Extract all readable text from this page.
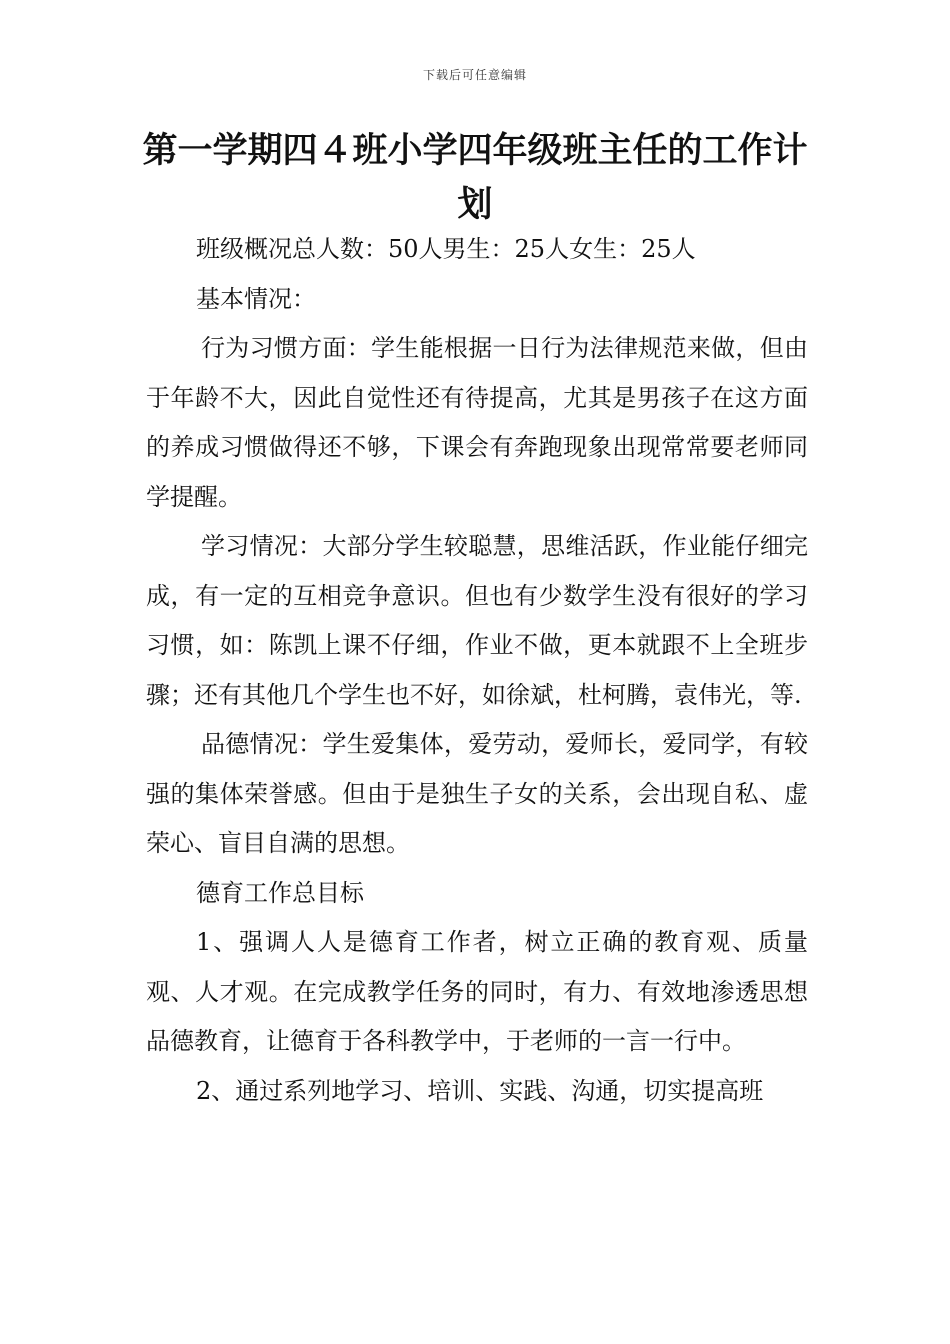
下载后可任意编辑
第一学期四４班小学四年级班主任的工作计划

班级概况总人数：50人男生：25人女生：25人

基本情况：

行为习惯方面：学生能根据一日行为法律规范来做，但由于年龄不大，因此自觉性还有待提高，尤其是男孩子在这方面的养成习惯做得还不够，下课会有奔跑现象出现常常要老师同学提醒。

学习情况：大部分学生较聪慧，思维活跃，作业能仔细完成，有一定的互相竞争意识。但也有少数学生没有很好的学习习惯，如：陈凯上课不仔细，作业不做，更本就跟不上全班步骤；还有其他几个学生也不好，如徐斌，杜柯腾，袁伟光，等.

品德情况：学生爱集体，爱劳动，爱师长，爱同学，有较强的集体荣誉感。但由于是独生子女的关系，会出现自私、虚荣心、盲目自满的思想。

德育工作总目标

1、强调人人是德育工作者，树立正确的教育观、质量观、人才观。在完成教学任务的同时，有力、有效地渗透思想品德教育，让德育于各科教学中，于老师的一言一行中。

2、通过系列地学习、培训、实践、沟通，切实提高班
